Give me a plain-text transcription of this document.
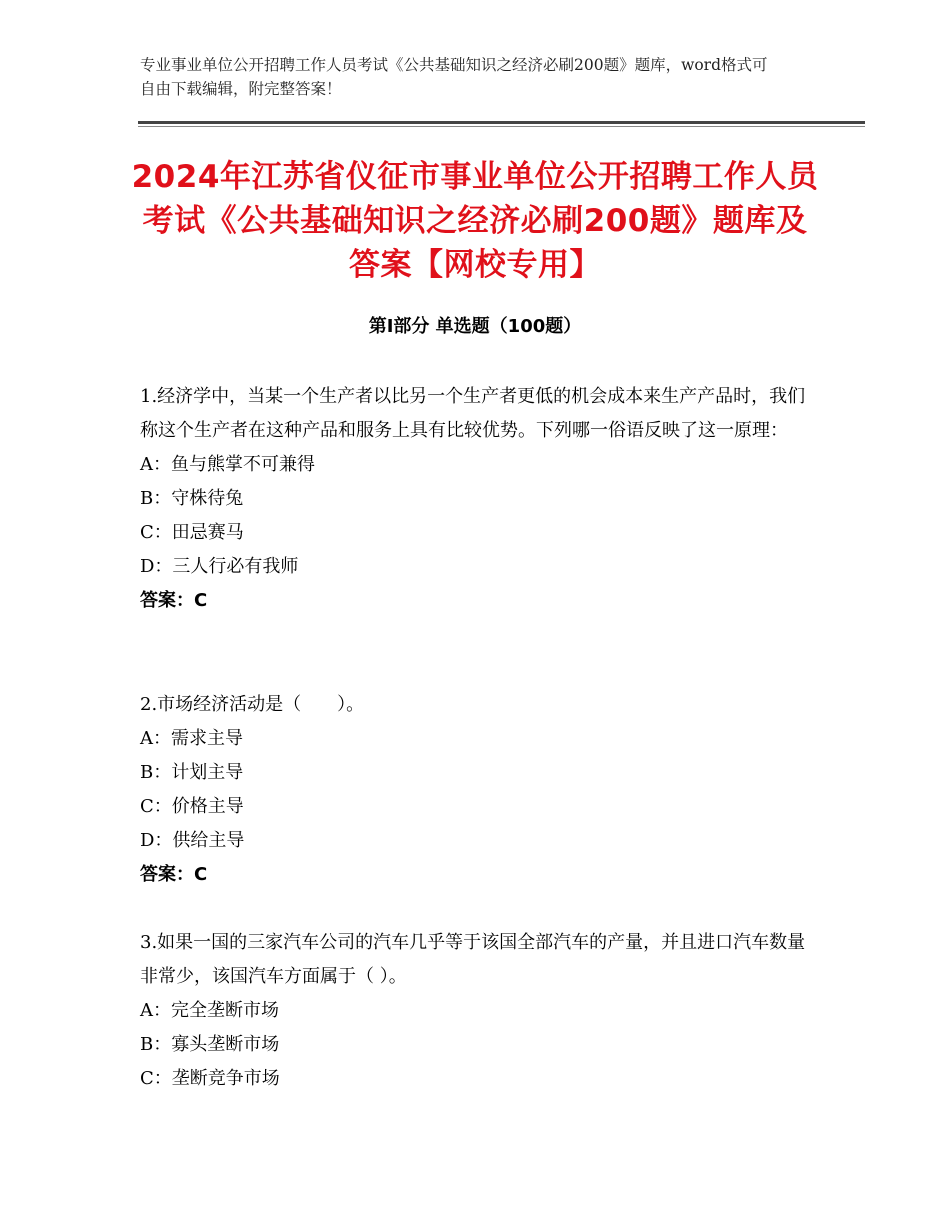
专业事业单位公开招聘工作人员考试《公共基础知识之经济必刷200题》题库，word格式可自由下载编辑，附完整答案！
2024年江苏省仪征市事业单位公开招聘工作人员考试《公共基础知识之经济必刷200题》题库及答案【网校专用】
第I部分 单选题（100题）

1.经济学中，当某一个生产者以比另一个生产者更低的机会成本来生产产品时，我们称这个生产者在这种产品和服务上具有比较优势。下列哪一俗语反映了这一原理：

A：鱼与熊掌不可兼得

B：守株待兔

C：田忌赛马

D：三人行必有我师

答案：C

2.市场经济活动是（　　）。

A：需求主导

B：计划主导

C：价格主导

D：供给主导

答案：C

3.如果一国的三家汽车公司的汽车几乎等于该国全部汽车的产量，并且进口汽车数量非常少，该国汽车方面属于（ ）。

A：完全垄断市场

B：寡头垄断市场

C：垄断竞争市场
